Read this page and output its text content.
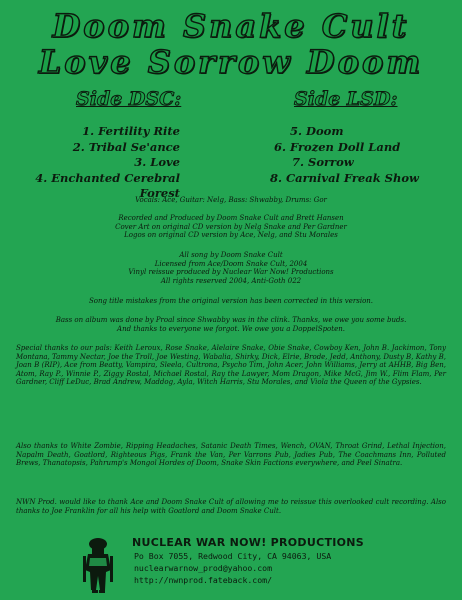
Doom Snake Cult
Love Sorrow Doom
Side DSC:	Side LSD:
1. Fertility Rite
2. Tribal Se'ance
3. Love
4. Enchanted Cerebral Forest
5. Doom
6. Frozen Doll Land
7. Sorrow
8. Carnival Freak Show
Vocals: Ace, Guitar: Nelg, Bass: Shwabby, Drums: Gor
Recorded and Produced by Doom Snake Cult and Brett Hansen
Cover Art on original CD version by Nelg Snake and Per Gardner
Logos on original CD version by Ace, Nelg, and Stu Morales
All song by Doom Snake Cult
Licensed from Ace/Doom Snake Cult, 2004
Vinyl reissue produced by Nuclear War Now! Productions
All rights reserved 2004, Anti-Goth 022
Song title mistakes from the original version has been corrected in this version.
Bass on album was done by Proal since Shwabby was in the clink. Thanks, we owe you some buds.
And thanks to everyone we forgot. We owe you a DoppelSpoten.
Special thanks to our pals: Keith Leroux, Rose Snake, Alelaire Snake, Obie Snake, Cowboy Ken, John B. Jackimon, Tony Montana, Tammy Nectar, Joe the Troll, Joe Westing, Wabalia, Shirky, Dick, Elrie, Brode, Jedd, Anthony, Dusty B, Kathy B, Joan B (RIP), Ace from Beatty, Vampira, Sleela, Cultrona, Psycho Tim, John Acer, John Williams, Jerry at AHHB, Big Ben, Atom, Ray P., Winnie P., Ziggy Rostal, Michael Rostal, Ray the Lawyer, Mom Dragon, Mike McG, Jim W., Flim Flam, Per Gardner, Cliff LeDuc, Brad Andrew, Maddog, Ayla, Witch Harris, Stu Morales, and Viola the Queen of the Gypsies.
Also thanks to White Zombie, Ripping Headaches, Satanic Death Times, Wench, OVAN, Throat Grind, Lethal Injection, Napalm Death, Goatlord, Righteous Pigs, Frank the Van, Per Varrons Pub, Jadies Pub, The Coachmans Inn, Polluted Brews, Thanatopsis, Pahrump's Mongol Hordes of Doom, Snake Skin Factions everywhere, and Peel Sinatra.
NWN Prod. would like to thank Ace and Doom Snake Cult of allowing me to reissue this overlooked cult recording. Also thanks to Joe Franklin for all his help with Goatlord and Doom Snake Cult.
NUCLEAR WAR NOW! PRODUCTIONS
Po Box 7055, Redwood City, CA 94063, USA
nuclearwarnow_prod@yahoo.com
http://nwnprod.fateback.com/
